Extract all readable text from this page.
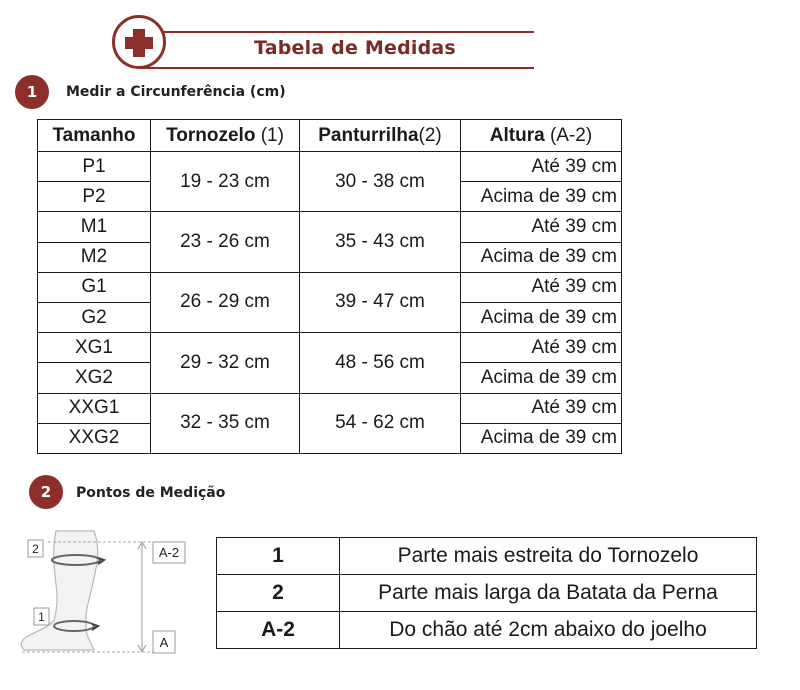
Tabela de Medidas
1	Medir a Circunferência (cm)
Tamanho	Tornozelo (1)	Panturrilha(2)	Altura (A-2)
P1	19 - 23 cm	30 - 38 cm	Até 39 cm
P2			Acima de 39 cm
M1	23 - 26 cm	35 - 43 cm	Até 39 cm
M2			Acima de 39 cm
G1	26 - 29 cm	39 - 47 cm	Até 39 cm
G2			Acima de 39 cm
XG1	29 - 32 cm	48 - 56 cm	Até 39 cm
XG2			Acima de 39 cm
XXG1	32 - 35 cm	54 - 62 cm	Até 39 cm
XXG2			Acima de 39 cm
2	Pontos de Medição
2
1
A-2
A
1	Parte mais estreita do Tornozelo
2	Parte mais larga da Batata da Perna
A-2	Do chão até 2cm abaixo do joelho
